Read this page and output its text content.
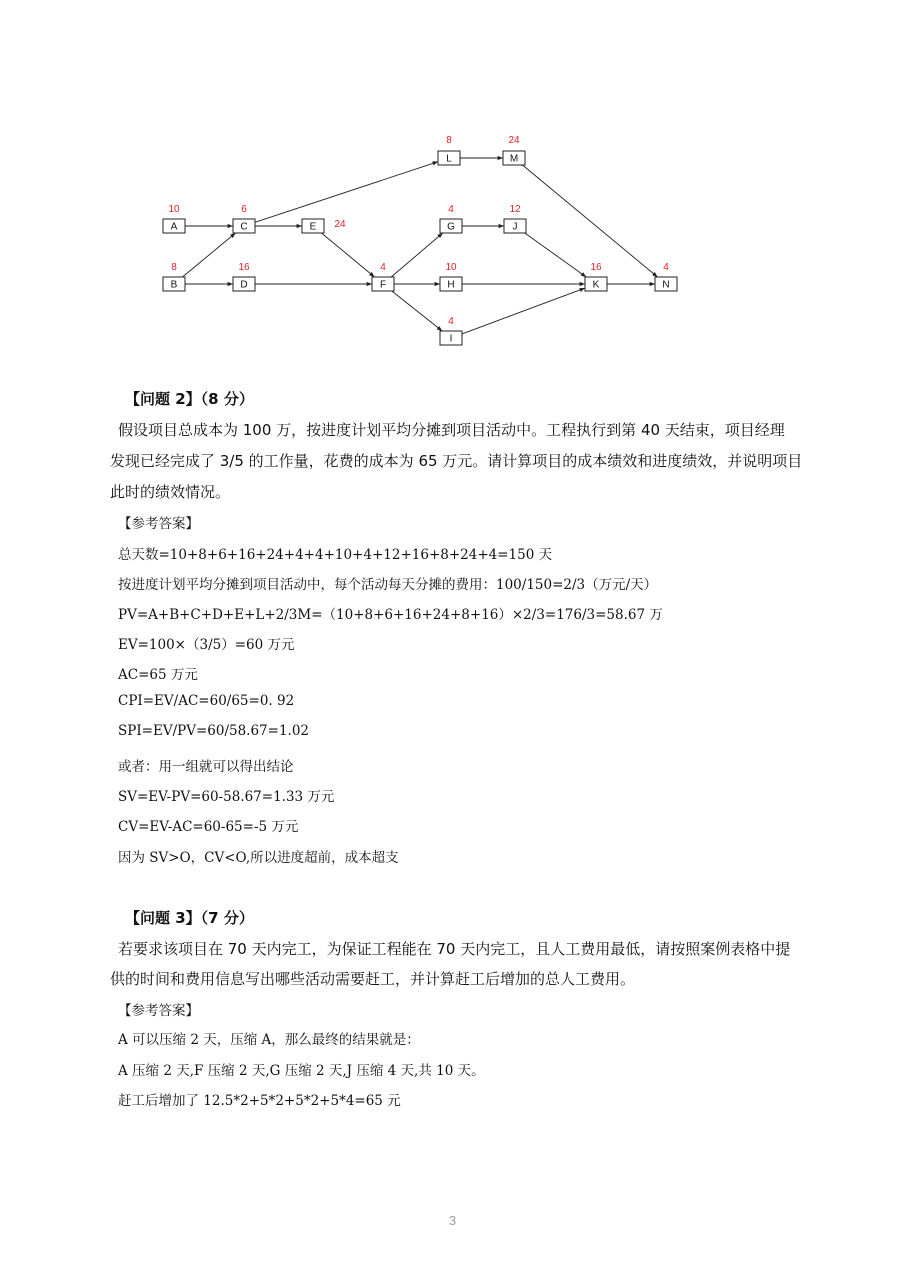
A
10
B
8
C
6
D
16
E 24
F
4
G
4
H
10
I
4
J
12
K
16
L
8
M
24
N
4
【问题 2】（8 分）
假设项目总成本为 100 万，按进度计划平均分摊到项目活动中。工程执行到第 40 天结束，项目经理
发现已经完成了 3/5 的工作量，花费的成本为 65 万元。请计算项目的成本绩效和进度绩效，并说明项目
此时的绩效情况。
【参考答案】
总天数=10+8+6+16+24+4+4+10+4+12+16+8+24+4=150 天
按进度计划平均分摊到项目活动中，每个活动每天分摊的费用：100/150=2/3（万元/天）
PV=A+B+C+D+E+L+2/3M=（10+8+6+16+24+8+16）×2/3=176/3=58.67 万
EV=100×（3/5）=60 万元
AC=65 万元
CPI=EV/AC=60/65=0. 92
SPI=EV/PV=60/58.67=1.02
或者：用一组就可以得出结论
SV=EV-PV=60-58.67=1.33 万元
CV=EV-AC=60-65=-5 万元
因为 SV>O，CV<O,所以进度超前，成本超支
【问题 3】（7 分）
若要求该项目在 70 天内完工，为保证工程能在 70 天内完工，且人工费用最低，请按照案例表格中提
供的时间和费用信息写出哪些活动需要赶工，并计算赶工后增加的总人工费用。
【参考答案】
A 可以压缩 2 天，压缩 A，那么最终的结果就是：
A 压缩 2 天,F 压缩 2 天,G 压缩 2 天,J 压缩 4 天,共 10 天。
赶工后增加了 12.5*2+5*2+5*2+5*4=65 元
3
